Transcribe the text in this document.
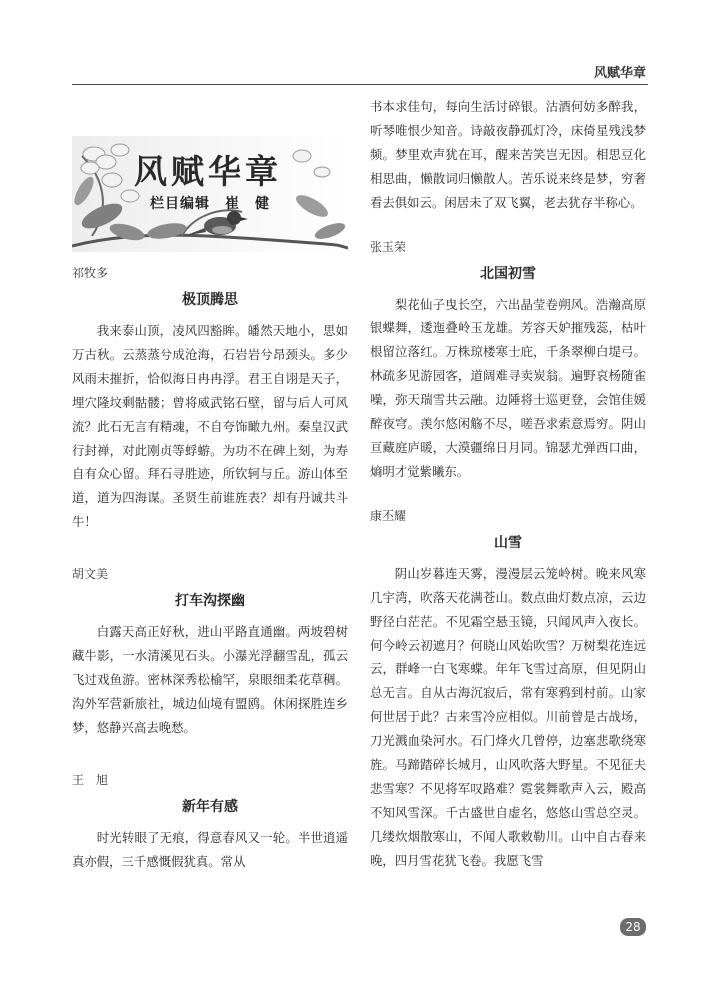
风赋华章
风赋华章
栏目编辑　崔　健
祁牧多
极顶腾思

我来泰山顶，凌风四豁眸。皤然天地小，思如万古秋。云蒸蒸兮成沧海，石岩岩兮昂颈头。多少风雨未摧折，恰似海日冉冉浮。君王自诩是天子，埋穴隆坟剩骷髅；曾将威武铭石壁，留与后人可风流？此石无言有精魂，不自夸饰瞰九州。秦皇汉武行封禅，对此刚贞等蜉蝣。为功不在碑上刻，为寿自有众心留。拜石寻胜迹，所钦轲与丘。游山体至道，道为四海谋。圣贤生前谁旌表？却有丹诚共斗牛！

胡文美
打车沟探幽

白露天高正好秋，进山平路直通幽。两坡碧树藏牛影，一水清溪见石头。小瀑光浮翻雪乱，孤云飞过戏鱼游。密林深秀松榆罕，泉眼细柔花草稠。沟外军营新旅社，城边仙境有盟鸥。休闲探胜连乡梦，悠静兴高去晚愁。

王　旭
新年有感

时光转眼了无痕，得意春风又一轮。半世逍遥真亦假，三千感慨假犹真。常从

书本求佳句，每向生活讨碎银。沽酒何妨多醉我，听琴唯恨少知音。诗敲夜静孤灯冷，床倚星残浅梦频。梦里欢声犹在耳，醒来苦笑岂无因。相思豆化相思曲，懒散词归懒散人。苦乐说来终是梦，穷奢看去俱如云。闲居未了双飞翼，老去犹存半称心。

张玉荣
北国初雪

梨花仙子曳长空，六出晶莹卷朔风。浩瀚高原银蝶舞，逶迤叠岭玉龙雄。芳容天妒摧残蕊，枯叶根留泣落红。万株琼楼寒士庇，千条翠柳白堤弓。林疏多见游园客，道阔难寻卖炭翁。遍野哀杨随雀噪，弥天瑞雪共云融。边陲将士巡更登，会馆佳媛醉夜穹。羡尔悠闲觞不尽，嗟吾求索意焉穷。阴山亘藏庭庐暖，大漠疆绵日月同。锦瑟尤弹西口曲，熵明才觉紫曦东。

康丕耀
山雪

阴山岁暮连天雾，漫漫层云笼岭树。晚来风寒几宇湾，吹落天花满苍山。数点曲灯数点凉，云边野径白茫茫。不见霜空悬玉镜，只闻风声入夜长。何今岭云初遮月？何晓山风始吹雪？万树梨花连远云，群峰一白飞寒蝶。年年飞雪过高原，但见阴山总无言。自从古海沉寂后，常有寒鸦到村前。山家何世居于此？古来雪冷应相似。川前曾是古战场，刀光溅血染河水。石门烽火几曾停，边塞悲歌绕寒旌。马蹄踏碎长城月，山风吹落大野星。不见征夫悲雪寒？不见将军叹路难？霓裳舞歌声入云，殿高不知风雪深。千古盛世自虚名，悠悠山雪总空灵。几缕炊烟散寒山，不闻人歌敕勒川。山中自古春来晚，四月雪花犹飞卷。我愿飞雪

28
